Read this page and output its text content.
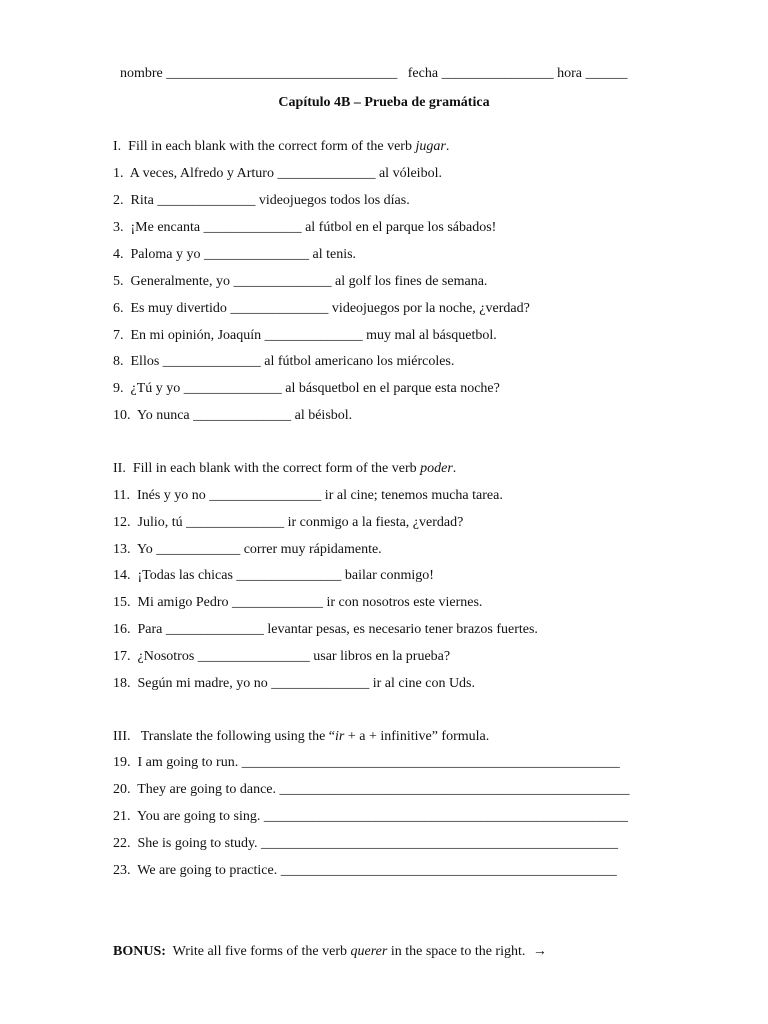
nombre _________________________________ fecha ________________ hora ______

Capítulo 4B – Prueba de gramática
I.  Fill in each blank with the correct form of the verb jugar.
1.  A veces, Alfredo y Arturo ______________ al vóleibol.
2.  Rita ______________ videojuegos todos los días.
3.  ¡Me encanta ______________ al fútbol en el parque los sábados!
4.  Paloma y yo _______________ al tenis.
5.  Generalmente, yo ______________ al golf los fines de semana.
6.  Es muy divertido ______________ videojuegos por la noche, ¿verdad?
7.  En mi opinión, Joaquín ______________ muy mal al básquetbol.
8.  Ellos ______________ al fútbol americano los miércoles.
9.  ¿Tú y yo ______________ al básquetbol en el parque esta noche?
10.  Yo nunca ______________ al béisbol.
II.  Fill in each blank with the correct form of the verb poder.
11.  Inés y yo no ________________ ir al cine; tenemos mucha tarea.
12.  Julio, tú ______________ ir conmigo a la fiesta, ¿verdad?
13.  Yo ____________ correr muy rápidamente.
14.  ¡Todas las chicas _______________ bailar conmigo!
15.  Mi amigo Pedro _____________ ir con nosotros este viernes.
16.  Para ______________ levantar pesas, es necesario tener brazos fuertes.
17.  ¿Nosotros ________________ usar libros en la prueba?
18.  Según mi madre, yo no ______________ ir al cine con Uds.
III.   Translate the following using the “ir + a + infinitive” formula.
19.  I am going to run. ______________________________________________________
20.  They are going to dance. __________________________________________________
21.  You are going to sing. ____________________________________________________
22.  She is going to study. ___________________________________________________
23.  We are going to practice. ________________________________________________
BONUS:  Write all five forms of the verb querer in the space to the right. →
